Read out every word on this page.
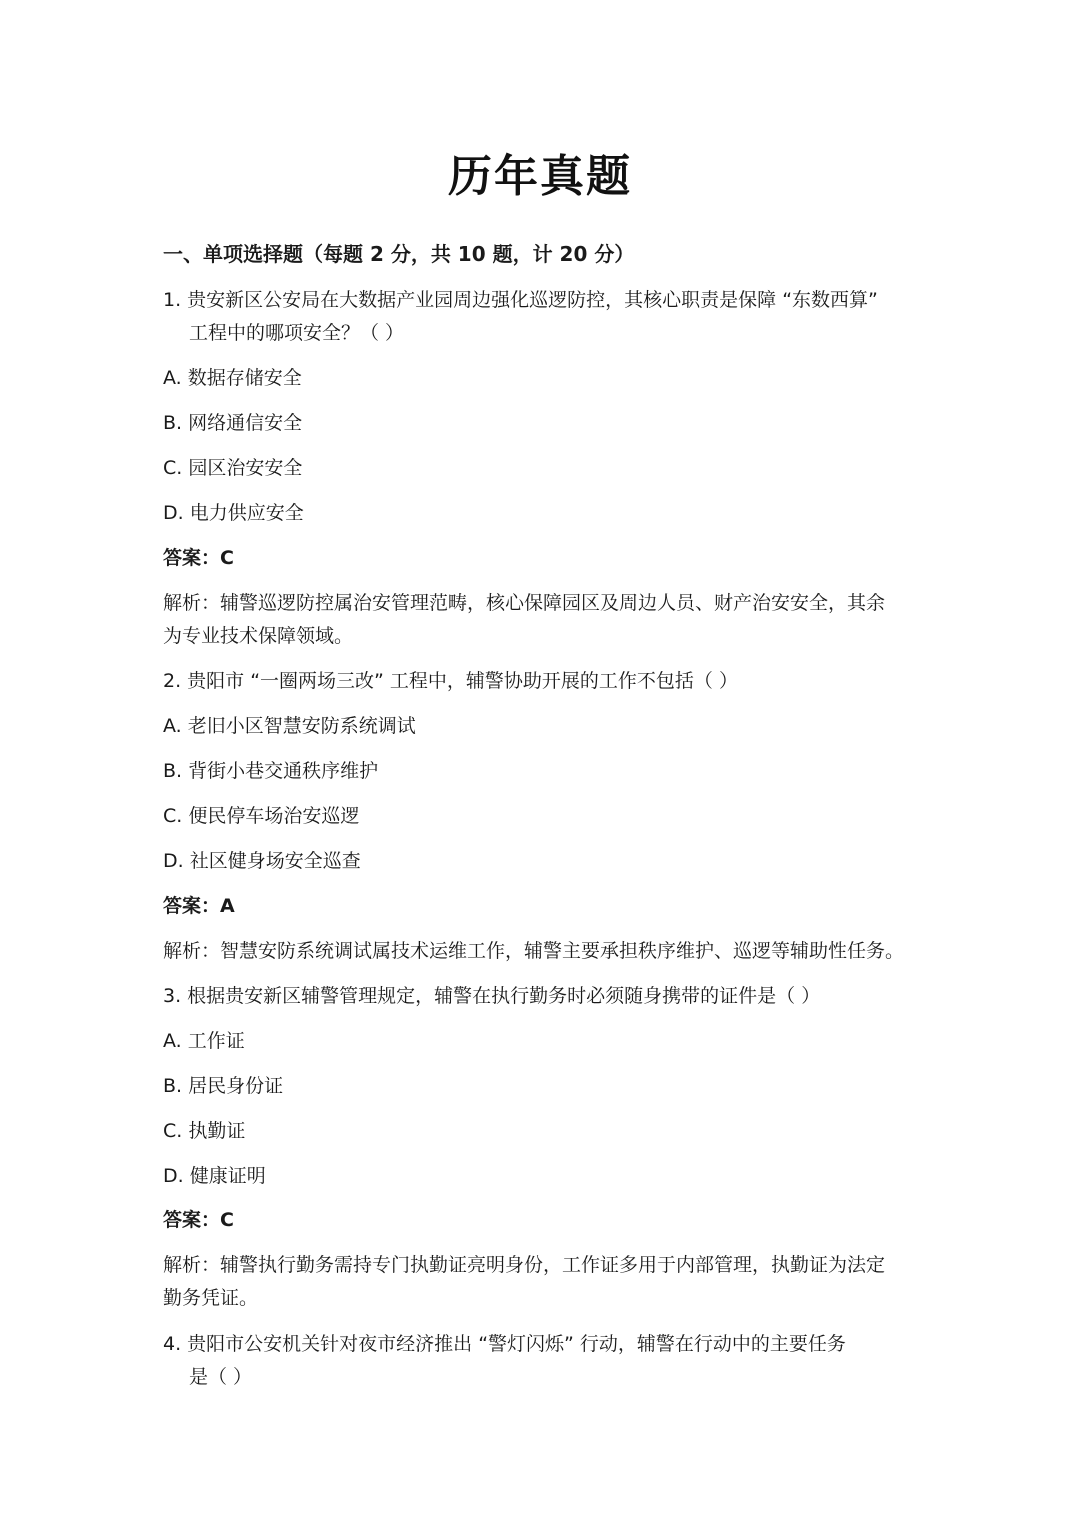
历年真题
一、单项选择题（每题 2 分，共 10 题，计 20 分）
1. 贵安新区公安局在大数据产业园周边强化巡逻防控，其核心职责是保障 “东数西算”
工程中的哪项安全？（ ）
A. 数据存储安全
B. 网络通信安全
C. 园区治安安全
D. 电力供应安全
答案：C
解析：辅警巡逻防控属治安管理范畴，核心保障园区及周边人员、财产治安安全，其余
为专业技术保障领域。
2. 贵阳市 “一圈两场三改” 工程中，辅警协助开展的工作不包括（ ）
A. 老旧小区智慧安防系统调试
B. 背街小巷交通秩序维护
C. 便民停车场治安巡逻
D. 社区健身场安全巡查
答案：A
解析：智慧安防系统调试属技术运维工作，辅警主要承担秩序维护、巡逻等辅助性任务。
3. 根据贵安新区辅警管理规定，辅警在执行勤务时必须随身携带的证件是（ ）
A. 工作证
B. 居民身份证
C. 执勤证
D. 健康证明
答案：C
解析：辅警执行勤务需持专门执勤证亮明身份，工作证多用于内部管理，执勤证为法定
勤务凭证。
4. 贵阳市公安机关针对夜市经济推出 “警灯闪烁” 行动，辅警在行动中的主要任务
是（ ）
